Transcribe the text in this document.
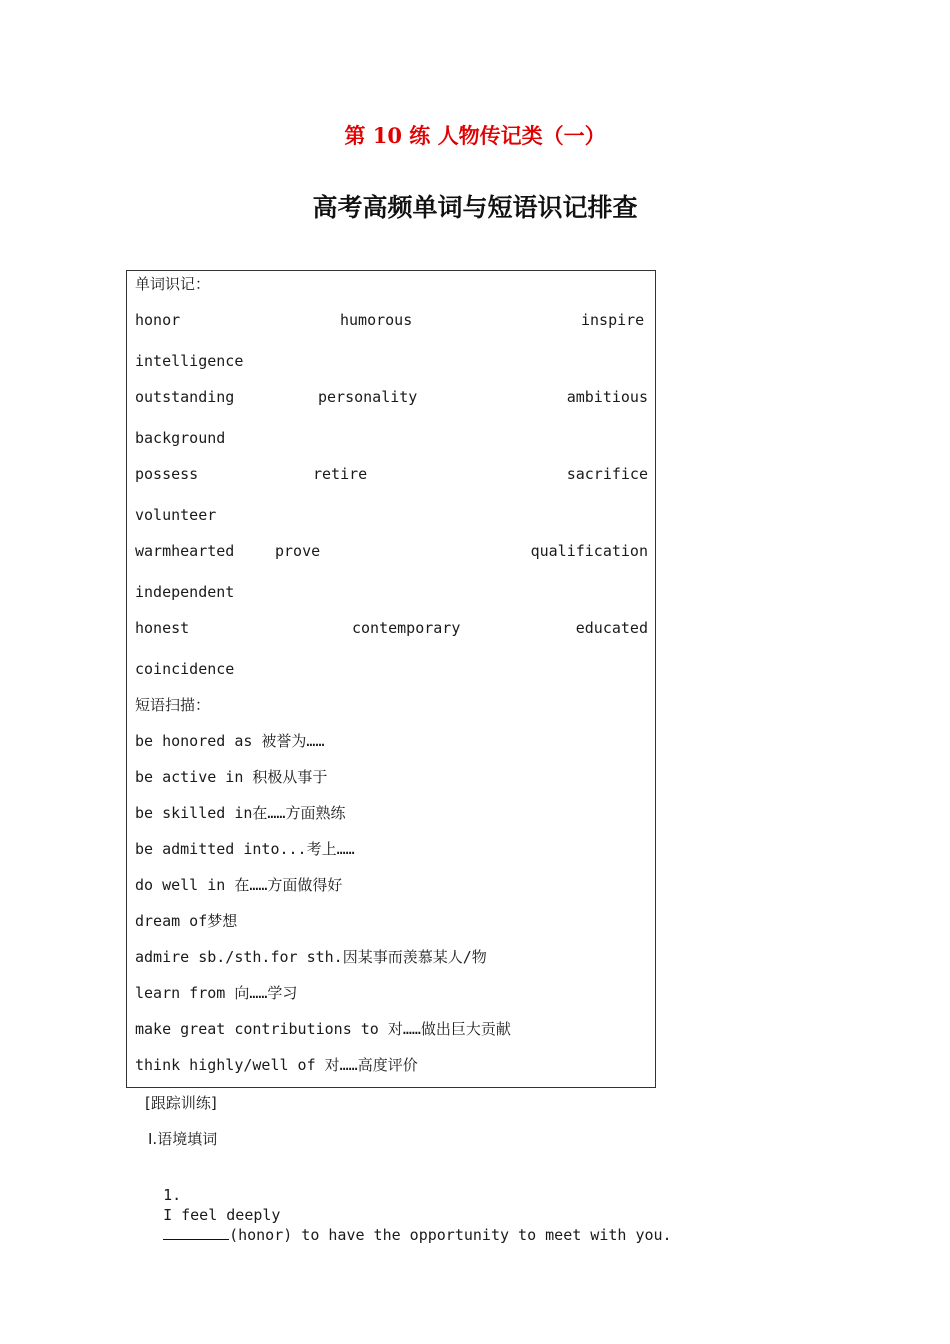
第 10 练 人物传记类（一）
高考高频单词与短语识记排查
单词识记：
honor	humorous	inspire
intelligence
outstanding	personality	ambitious
background
possess	retire	sacrifice
volunteer
warmhearted	prove	qualification
independent
honest	contemporary	educated
coincidence
短语扫描：
be honored as 被誉为……
be active in 积极从事于
be skilled in在……方面熟练
be admitted into...考上……
do well in 在……方面做得好
dream of梦想
admire sb./sth.for sth.因某事而羡慕某人/物
learn from 向……学习
make great contributions to 对……做出巨大贡献
think highly/well of 对……高度评价
[跟踪训练]
Ⅰ.语境填词

1.
I feel deeply
(honor) to have the opportunity to meet with you.
